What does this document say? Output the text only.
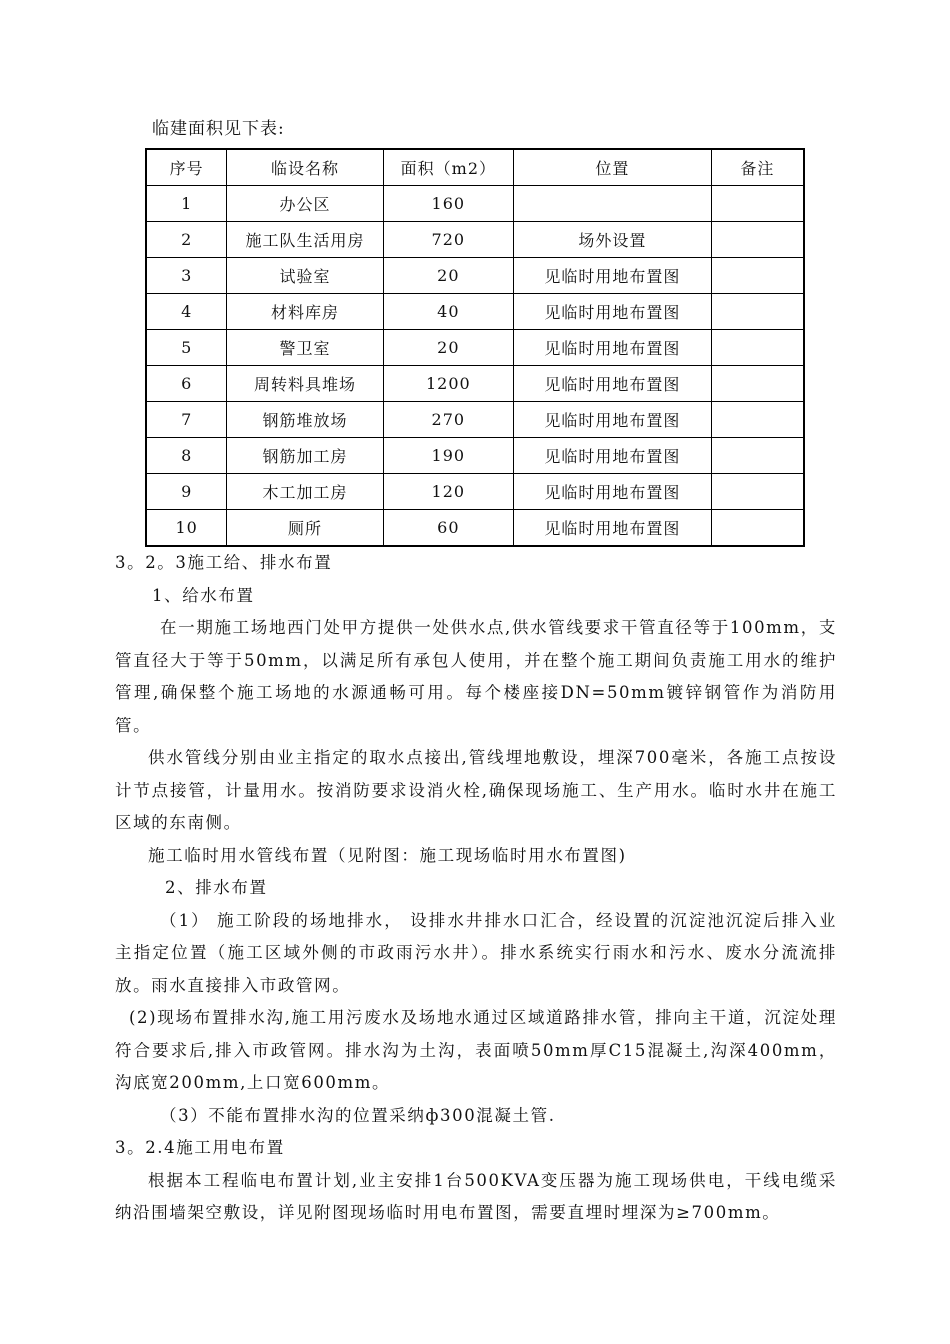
临建面积见下表:
序号	临设名称	面积（m2）	位置	备注
1	办公区	160		
2	施工队生活用房	720	场外设置	
3	试验室	20	见临时用地布置图	
4	材料库房	40	见临时用地布置图	
5	警卫室	20	见临时用地布置图	
6	周转料具堆场	1200	见临时用地布置图	
7	钢筋堆放场	270	见临时用地布置图	
8	钢筋加工房	190	见临时用地布置图	
9	木工加工房	120	见临时用地布置图	
10	厕所	60	见临时用地布置图	

3。2。3施工给、排水布置

1、给水布置

在一期施工场地西门处甲方提供一处供水点,供水管线要求干管直径等于100mm，支管直径大于等于50mm，以满足所有承包人使用，并在整个施工期间负责施工用水的维护管理,确保整个施工场地的水源通畅可用。每个楼座接DN=50mm镀锌钢管作为消防用管。

供水管线分别由业主指定的取水点接出,管线埋地敷设，埋深700毫米，各施工点按设计节点接管，计量用水。按消防要求设消火栓,确保现场施工、生产用水。临时水井在施工区域的东南侧。

施工临时用水管线布置（见附图：施工现场临时用水布置图)

2、排水布置

（1） 施工阶段的场地排水， 设排水井排水口汇合，经设置的沉淀池沉淀后排入业主指定位置（施工区域外侧的市政雨污水井）。排水系统实行雨水和污水、废水分流流排放。雨水直接排入市政管网。

(2)现场布置排水沟,施工用污废水及场地水通过区域道路排水管，排向主干道，沉淀处理符合要求后,排入市政管网。排水沟为土沟，表面喷50mm厚C15混凝土,沟深400mm，沟底宽200mm,上口宽600mm。

（3）不能布置排水沟的位置采纳ф300混凝土管.

3。2.4施工用电布置

根据本工程临电布置计划,业主安排1台500KVA变压器为施工现场供电，干线电缆采纳沿围墙架空敷设，详见附图现场临时用电布置图，需要直埋时埋深为≥700mm。
